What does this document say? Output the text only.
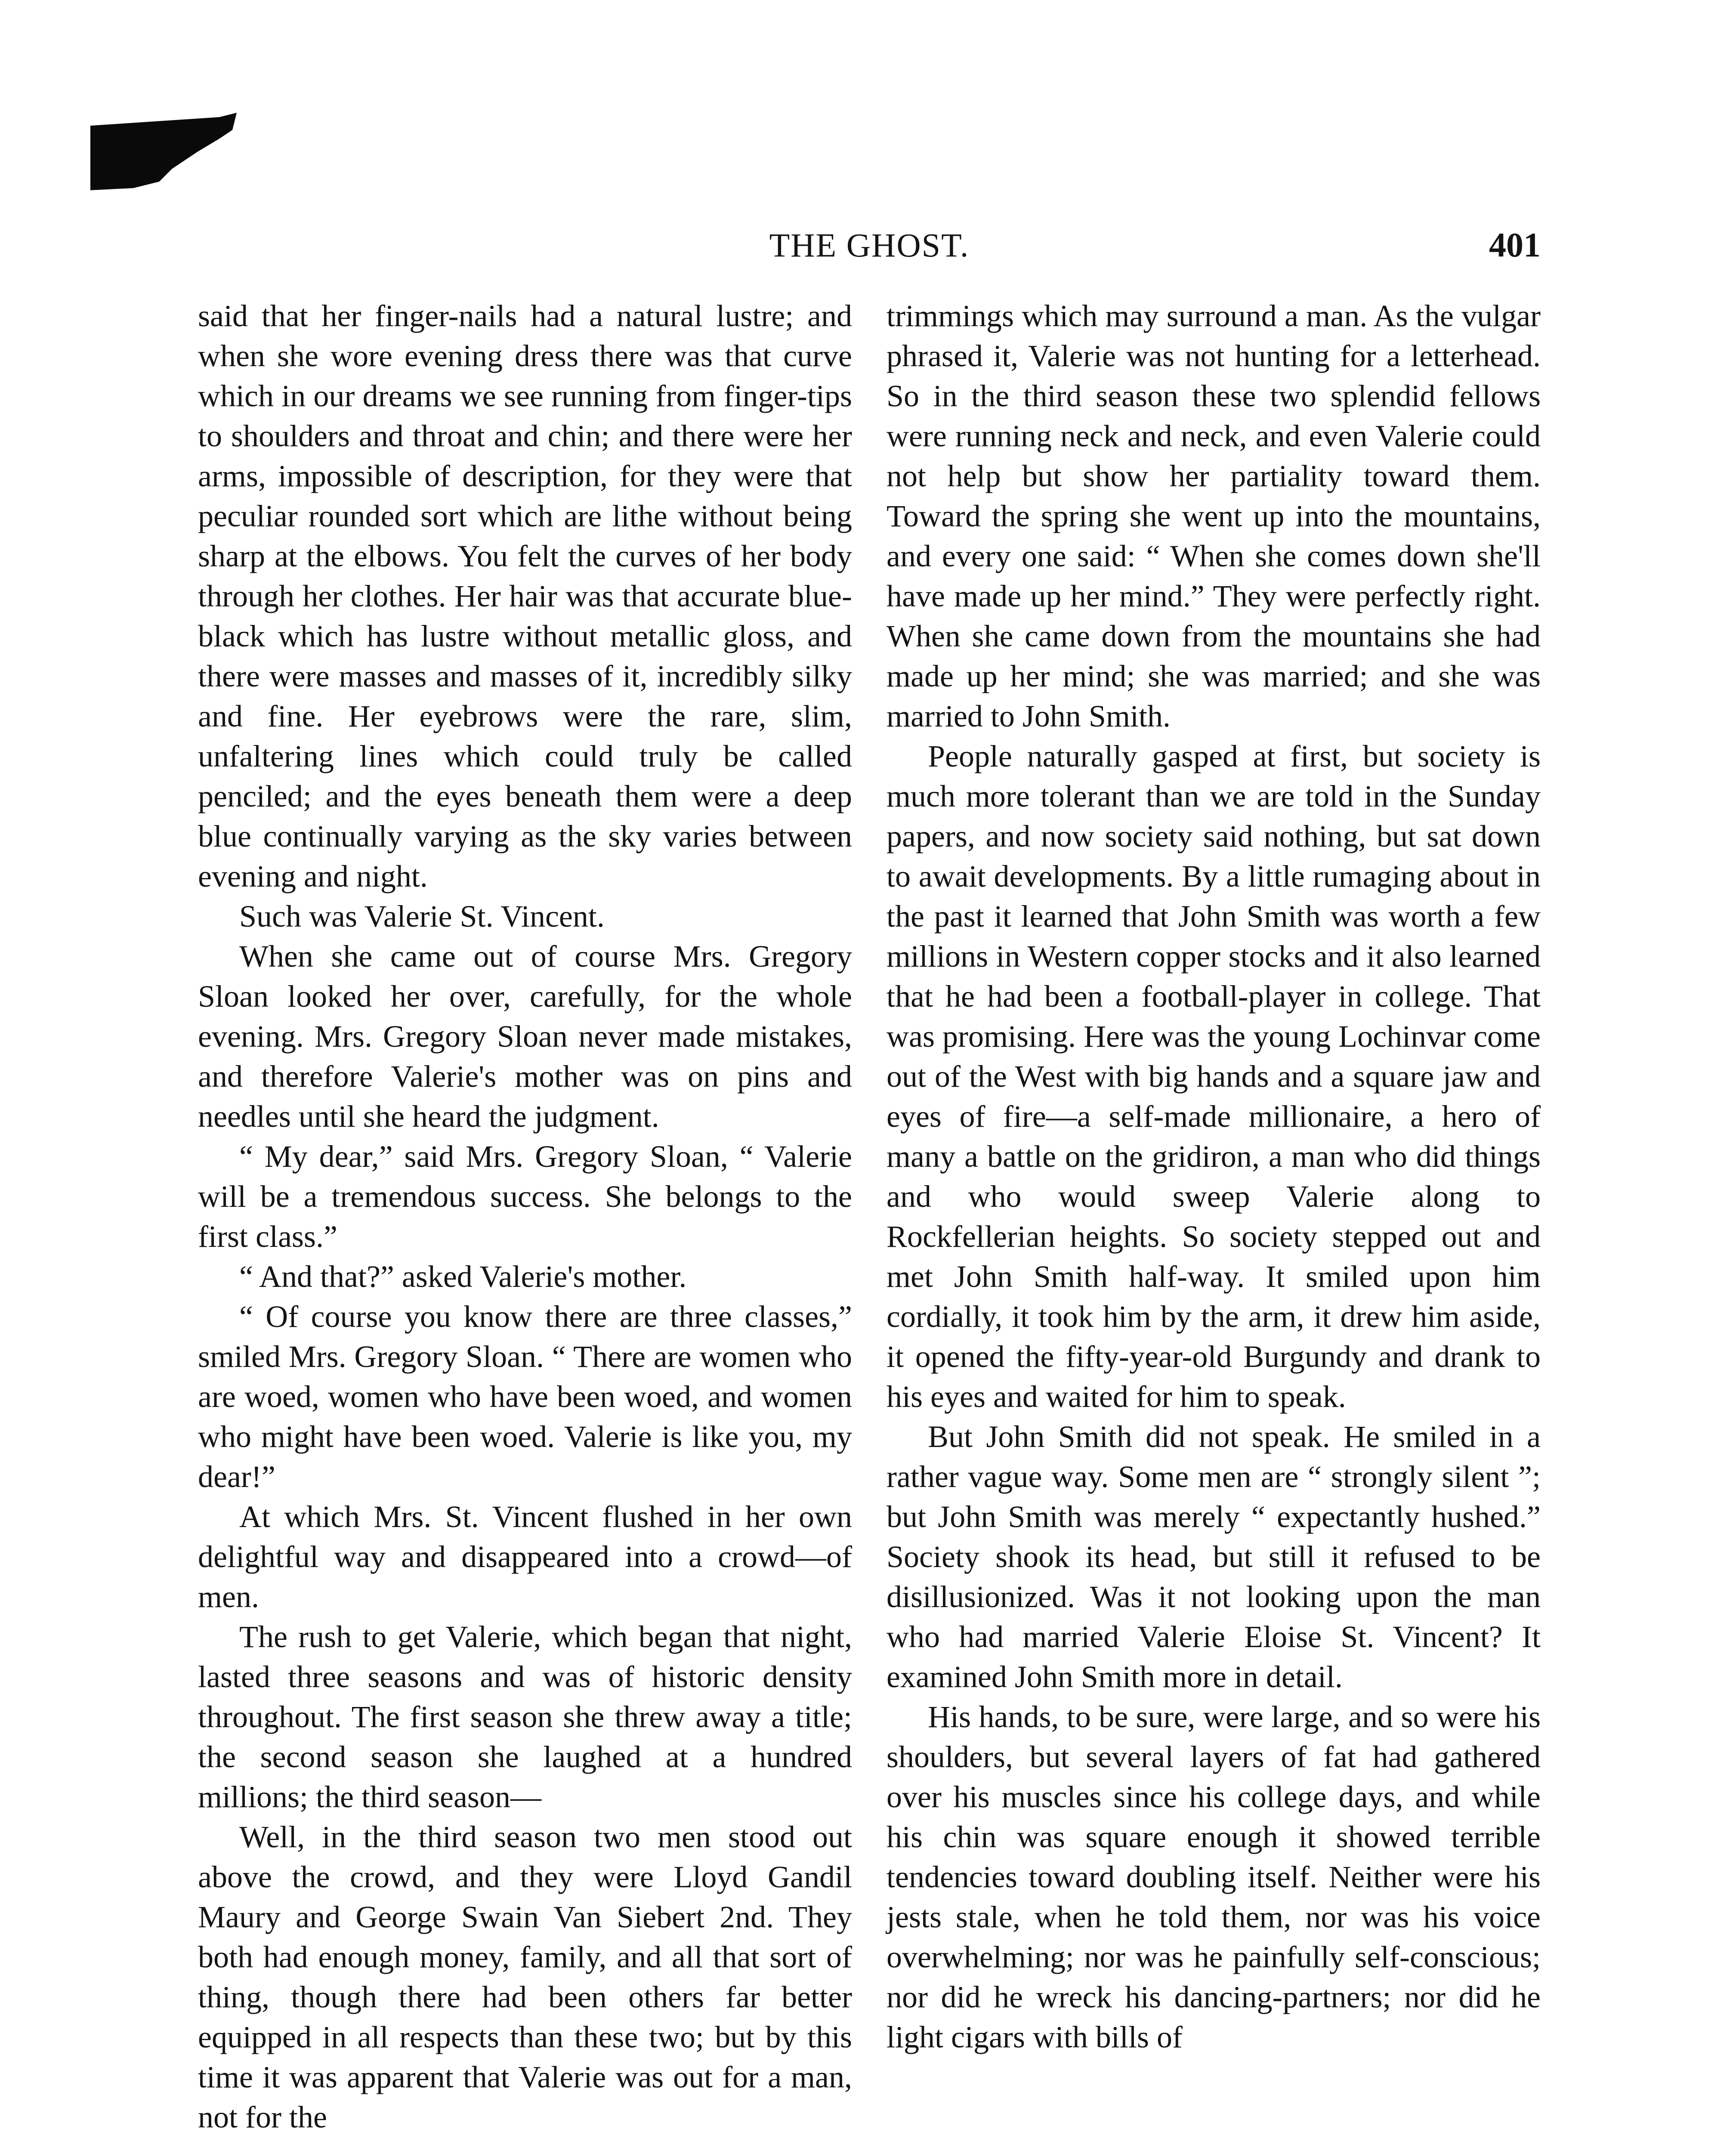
THE GHOST.	401

said that her finger-nails had a natural lustre; and when she wore evening dress there was that curve which in our dreams we see running from finger-tips to shoulders and throat and chin; and there were her arms, impossible of description, for they were that peculiar rounded sort which are lithe without being sharp at the elbows. You felt the curves of her body through her clothes. Her hair was that accurate blue-black which has lustre without metallic gloss, and there were masses and masses of it, incredibly silky and fine. Her eyebrows were the rare, slim, unfaltering lines which could truly be called penciled; and the eyes beneath them were a deep blue continually varying as the sky varies between evening and night.

Such was Valerie St. Vincent.

When she came out of course Mrs. Gregory Sloan looked her over, carefully, for the whole evening. Mrs. Gregory Sloan never made mistakes, and therefore Valerie's mother was on pins and needles until she heard the judgment.

“ My dear,” said Mrs. Gregory Sloan, “ Valerie will be a tremendous success. She belongs to the first class.”

“ And that?” asked Valerie's mother.

“ Of course you know there are three classes,” smiled Mrs. Gregory Sloan. “ There are women who are woed, women who have been woed, and women who might have been woed. Valerie is like you, my dear!”

At which Mrs. St. Vincent flushed in her own delightful way and disappeared into a crowd—of men.

The rush to get Valerie, which began that night, lasted three seasons and was of historic density throughout. The first season she threw away a title; the second season she laughed at a hundred millions; the third season—

Well, in the third season two men stood out above the crowd, and they were Lloyd Gandil Maury and George Swain Van Siebert 2nd. They both had enough money, family, and all that sort of thing, though there had been others far better equipped in all respects than these two; but by this time it was apparent that Valerie was out for a man, not for the

trimmings which may surround a man. As the vulgar phrased it, Valerie was not hunting for a letterhead. So in the third season these two splendid fellows were running neck and neck, and even Valerie could not help but show her partiality toward them. Toward the spring she went up into the mountains, and every one said: “ When she comes down she'll have made up her mind.” They were perfectly right. When she came down from the mountains she had made up her mind; she was married; and she was married to John Smith.

People naturally gasped at first, but society is much more tolerant than we are told in the Sunday papers, and now society said nothing, but sat down to await developments. By a little rumaging about in the past it learned that John Smith was worth a few millions in Western copper stocks and it also learned that he had been a football-player in college. That was promising. Here was the young Lochinvar come out of the West with big hands and a square jaw and eyes of fire—a self-made millionaire, a hero of many a battle on the gridiron, a man who did things and who would sweep Valerie along to Rockfellerian heights. So society stepped out and met John Smith half-way. It smiled upon him cordially, it took him by the arm, it drew him aside, it opened the fifty-year-old Burgundy and drank to his eyes and waited for him to speak.

But John Smith did not speak. He smiled in a rather vague way. Some men are “ strongly silent ”; but John Smith was merely “ expectantly hushed.” Society shook its head, but still it refused to be disillusionized. Was it not looking upon the man who had married Valerie Eloise St. Vincent? It examined John Smith more in detail.

His hands, to be sure, were large, and so were his shoulders, but several layers of fat had gathered over his muscles since his college days, and while his chin was square enough it showed terrible tendencies toward doubling itself. Neither were his jests stale, when he told them, nor was his voice overwhelming; nor was he painfully self-conscious; nor did he wreck his dancing-partners; nor did he light cigars with bills of
